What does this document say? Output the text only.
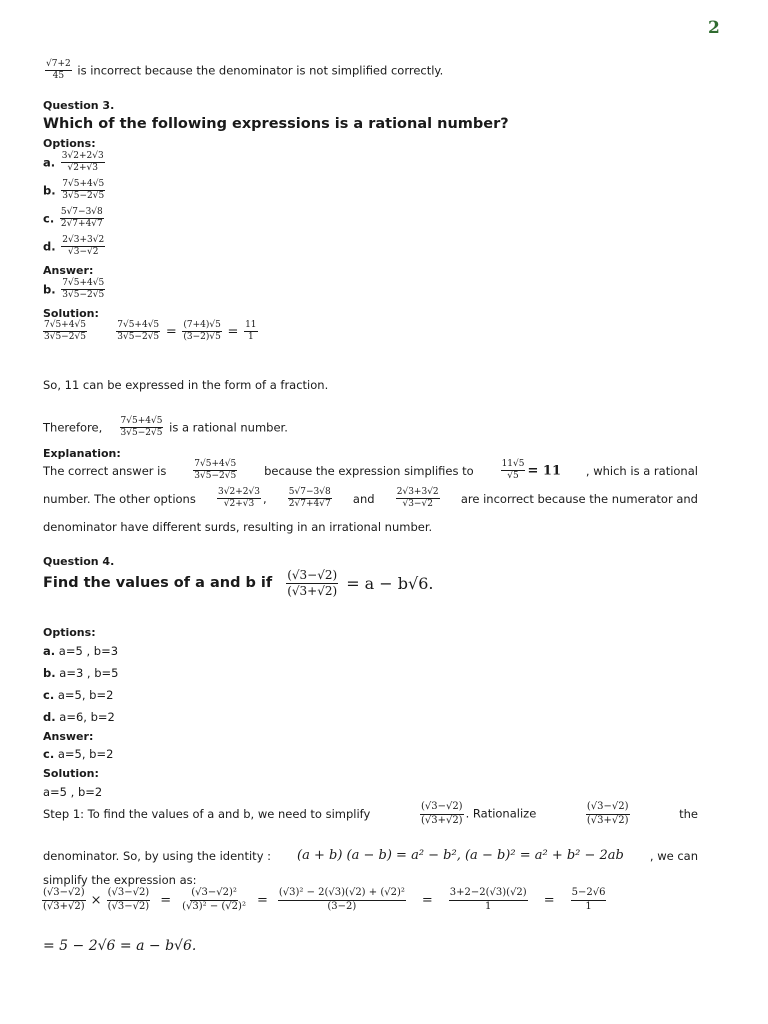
2
$\frac{√7+2}{45}$ is incorrect because the denominator is not simplified correctly.
Question 3.
Which of the following expressions is a rational number?
Options:
a. $\frac{3√2+2√3}{√2+√3}$
b. $\frac{7√5+4√5}{3√5-2√5}$
c. $\frac{5√7-3√8}{2√7+4√7}$
d. $\frac{2√3+3√2}{√3-√2}$
Answer:
b. $\frac{7√5+4√5}{3√5-2√5}$
Solution:
$\frac{7√5+4√5}{3√5-2√5}$
	$\frac{7√5+4√5}{3√5-2√5} = \frac{(7+4)√5}{(3-2)√5} = \frac{11}{1}$
So, 11 can be expressed in the form of a fraction.
Therefore, $\frac{7√5+4√5}{3√5-2√5}$ is a rational number.
Explanation:
The correct answer is	$\frac{7√5+4√5}{3√5-2√5}$ because the expression simplifies to	$\frac{11√5}{√5} = 11$ , which is a rational
number. The other options $\frac{3√2+2√3}{√2+√3}$ , $\frac{5√7-3√8}{2√7+4√7}$ and $\frac{2√3+3√2}{√3-√2}$ are incorrect because the numerator and
denominator have different surds, resulting in an irrational number.
Question 4.
Find the values of a and b if $\frac{(√3-√2)}{(√3+√2)} = a - b√6$.
Options:
a. a=5 , b=3
b. a=3 , b=5
c. a=5, b=2
d. a=6, b=2
Answer:
c. a=5, b=2
Solution:
a=5 , b=2
Step 1: To find the values of a and b, we need to simplify	$\frac{(√3-√2)}{(√3+√2)}$ . Rationalize	$\frac{(√3-√2)}{(√3+√2)}$	the
denominator. So, by using the identity : (a + b) (a − b) = a² − b², (a − b)² = a² + b² − 2ab , we can
simplify the expression as:
$\frac{(√3-√2)}{(√3+√2)} \times \frac{(√3-√2)}{(√3-√2)} = \frac{\text{(√3−√2)²}}{\text{(√3)² − (√2)²}} = \frac{\text{(√3)² − 2(√3)(√2) + (√2)²}}{(3-2)} = \frac{3+2-2(√3)(√2)}{1} = \frac{5-2√6}{1}$
= 5 − 2√6 = a − b√6.
